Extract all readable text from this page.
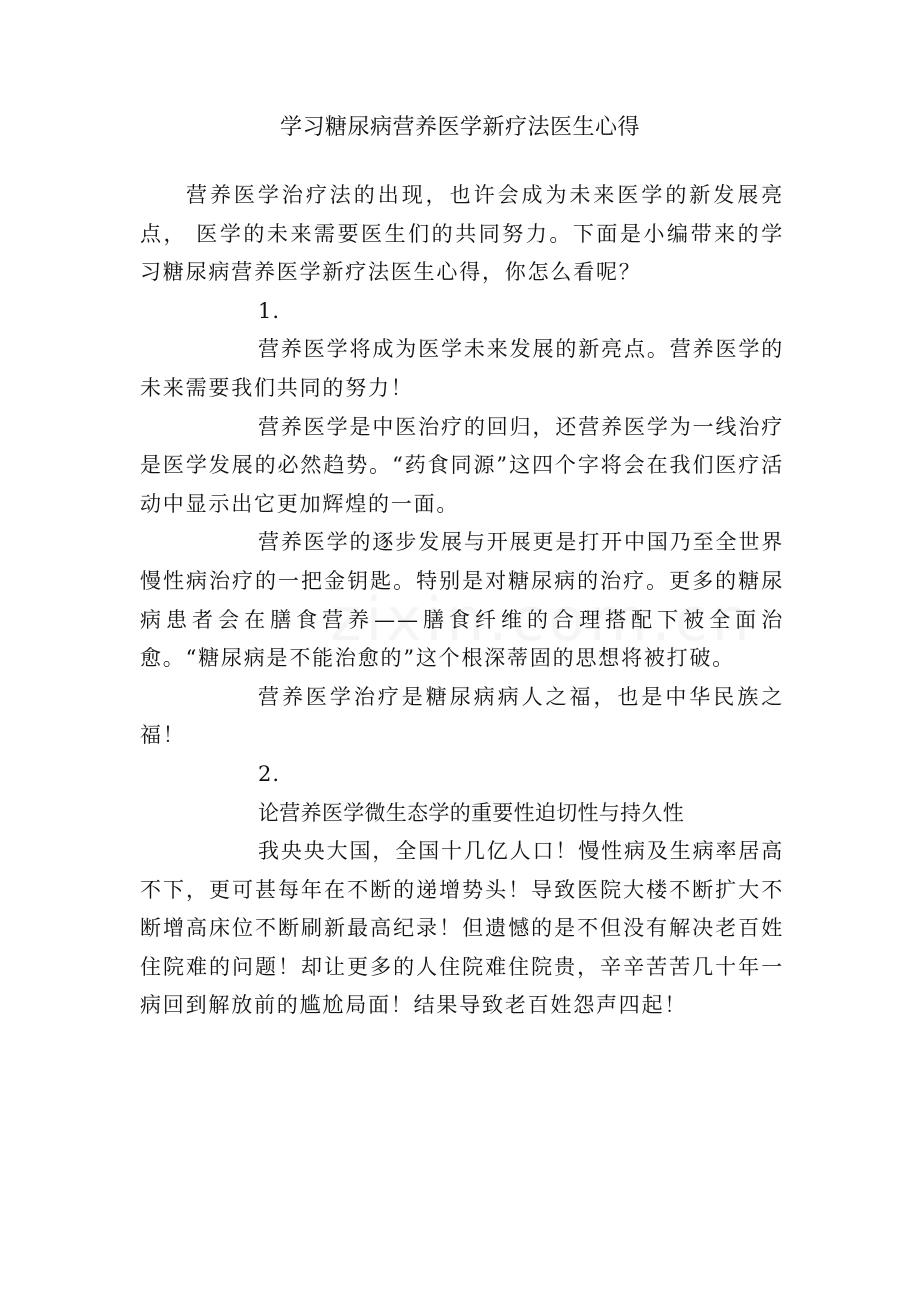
学习糖尿病营养医学新疗法医生心得

营养医学治疗法的出现，也许会成为未来医学的新发展亮点， 医学的未来需要医生们的共同努力。下面是小编带来的学习糖尿病营养医学新疗法医生心得，你怎么看呢？

1.

营养医学将成为医学未来发展的新亮点。营养医学的未来需要我们共同的努力！

营养医学是中医治疗的回归，还营养医学为一线治疗是医学发展的必然趋势。“药食同源”这四个字将会在我们医疗活动中显示出它更加辉煌的一面。

营养医学的逐步发展与开展更是打开中国乃至全世界慢性病治疗的一把金钥匙。特别是对糖尿病的治疗。更多的糖尿病患者会在膳食营养——膳食纤维的合理搭配下被全面治愈。“糖尿病是不能治愈的”这个根深蒂固的思想将被打破。

营养医学治疗是糖尿病病人之福，也是中华民族之福！

2.

论营养医学微生态学的重要性迫切性与持久性

我央央大国，全国十几亿人口！慢性病及生病率居高不下，更可甚每年在不断的递增势头！导致医院大楼不断扩大不断增高床位不断刷新最高纪录！但遗憾的是不但没有解决老百姓住院难的问题！却让更多的人住院难住院贵，辛辛苦苦几十年一病回到解放前的尴尬局面！结果导致老百姓怨声四起！
